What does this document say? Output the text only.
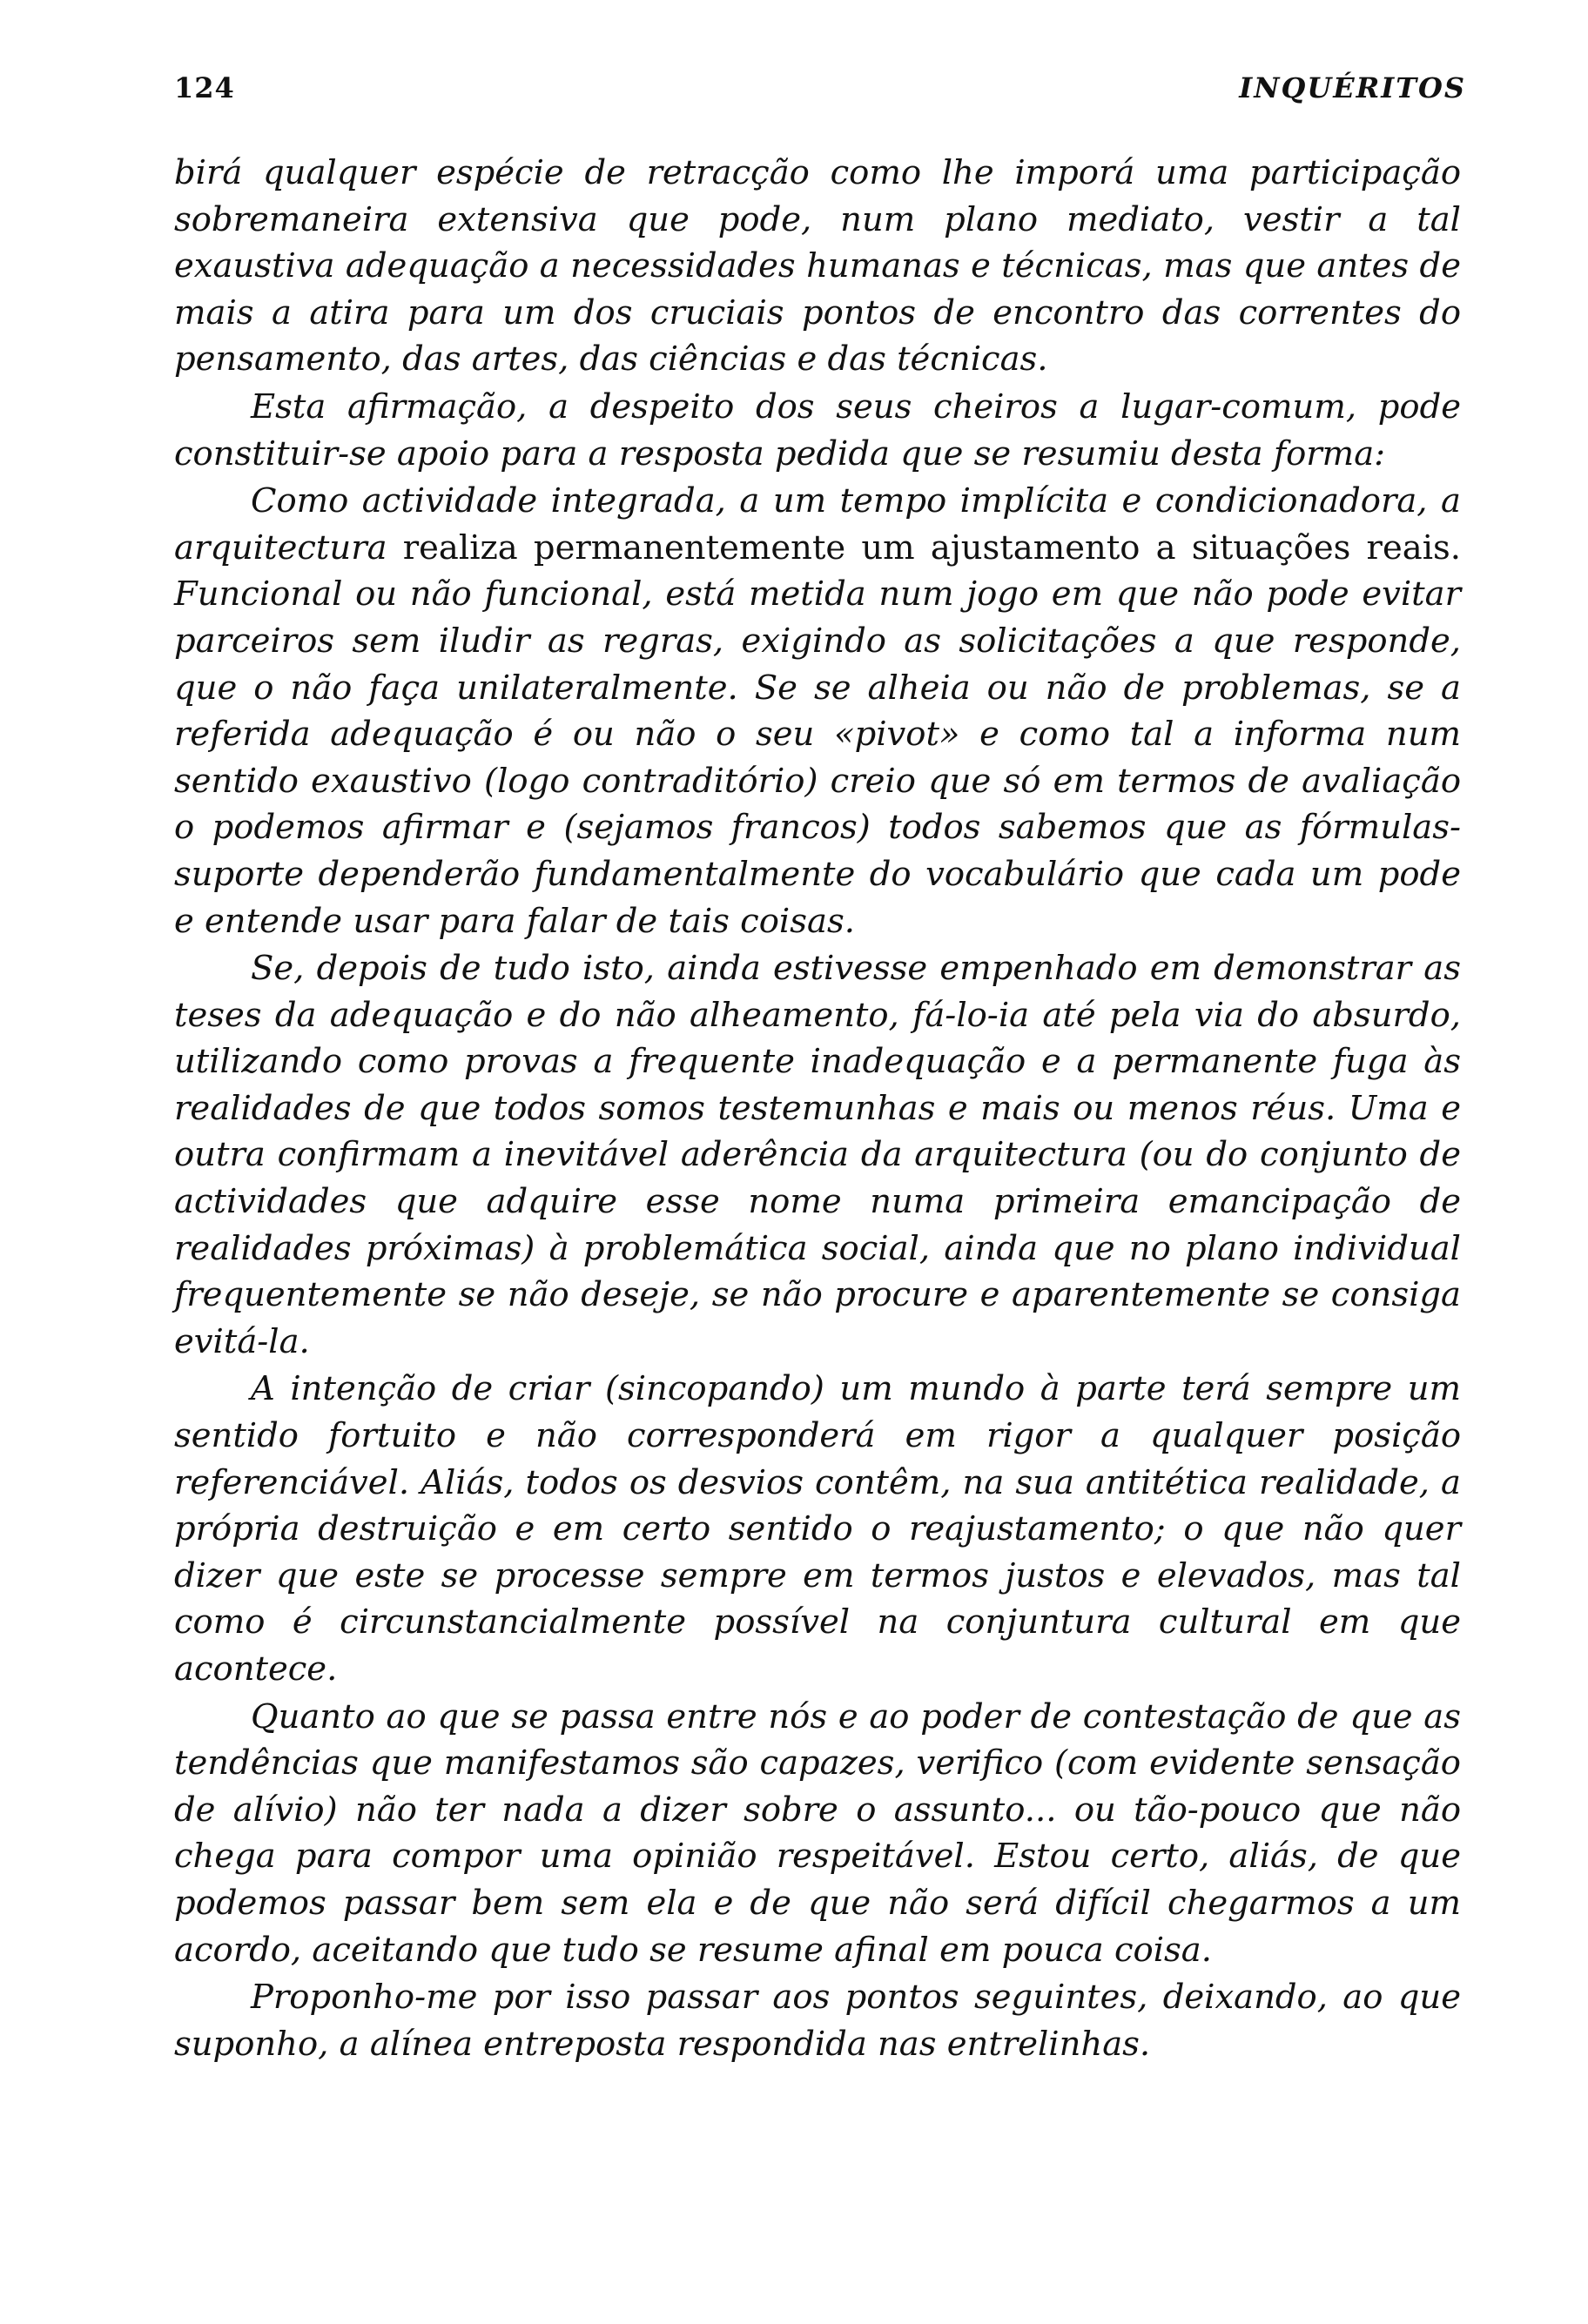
124	INQUÉRITOS

birá qualquer espécie de retracção como lhe imporá uma participação sobremaneira extensiva que pode, num plano mediato, vestir a tal exaustiva adequação a necessidades humanas e técnicas, mas que antes de mais a atira para um dos cruciais pontos de encontro das correntes do pensamento, das artes, das ciências e das técnicas.

Esta afirmação, a despeito dos seus cheiros a lugar-comum, pode constituir-se apoio para a resposta pedida que se resumiu desta forma:

Como actividade integrada, a um tempo implícita e condicionadora, a arquitectura realiza permanentemente um ajustamento a situações reais. Funcional ou não funcional, está metida num jogo em que não pode evitar parceiros sem iludir as regras, exigindo as solicitações a que responde, que o não faça unilateralmente. Se se alheia ou não de problemas, se a referida adequação é ou não o seu «pivot» e como tal a informa num sentido exaustivo (logo contraditório) creio que só em termos de avaliação o podemos afirmar e (sejamos francos) todos sabemos que as fórmulas-suporte dependerão fundamentalmente do vocabulário que cada um pode e entende usar para falar de tais coisas.

Se, depois de tudo isto, ainda estivesse empenhado em demonstrar as teses da adequação e do não alheamento, fá-lo-ia até pela via do absurdo, utilizando como provas a frequente inadequação e a permanente fuga às realidades de que todos somos testemunhas e mais ou menos réus. Uma e outra confirmam a inevitável aderência da arquitectura (ou do conjunto de actividades que adquire esse nome numa primeira emancipação de realidades próximas) à problemática social, ainda que no plano individual frequentemente se não deseje, se não procure e aparentemente se consiga evitá-la.

A intenção de criar (sincopando) um mundo à parte terá sempre um sentido fortuito e não corresponderá em rigor a qualquer posição referenciável. Aliás, todos os desvios contêm, na sua antitética realidade, a própria destruição e em certo sentido o reajustamento; o que não quer dizer que este se processe sempre em termos justos e elevados, mas tal como é circunstancialmente possível na conjuntura cultural em que acontece.

Quanto ao que se passa entre nós e ao poder de contestação de que as tendências que manifestamos são capazes, verifico (com evidente sensação de alívio) não ter nada a dizer sobre o assunto... ou tão-pouco que não chega para compor uma opinião respeitável. Estou certo, aliás, de que podemos passar bem sem ela e de que não será difícil chegarmos a um acordo, aceitando que tudo se resume afinal em pouca coisa.

Proponho-me por isso passar aos pontos seguintes, deixando, ao que suponho, a alínea entreposta respondida nas entrelinhas.
